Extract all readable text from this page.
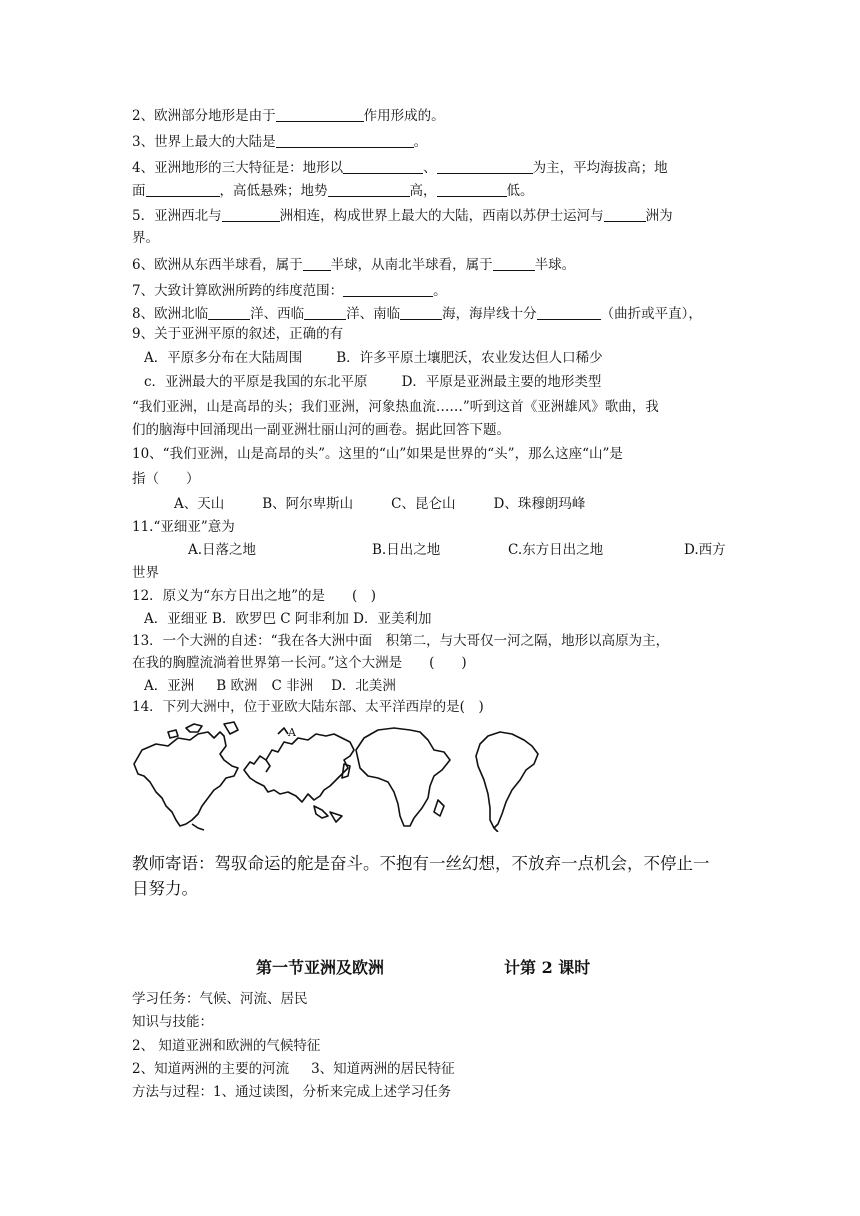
2、欧洲部分地形是由于	作用形成的。
3、世界上最大的大陆是	。
4、亚洲地形的三大特征是：地形以	、	为主，平均海拔高；地
面	，高低悬殊；地势	高，	低。
5．亚洲西北与	洲相连，构成世界上最大的大陆，西南以苏伊士运河与	洲为
界。
6、欧洲从东西半球看，属于 半球，从南北半球看，属于	半球。
7、大致计算欧洲所跨的纬度范围：	。
8、欧洲北临	洋、西临	洋、南临	海，海岸线十分	（曲折或平直），
9、关于亚洲平原的叙述，正确的有
A．平原多分布在大陆周围	B．许多平原土壤肥沃，农业发达但人口稀少
c．亚洲最大的平原是我国的东北平原	D．平原是亚洲最主要的地形类型
“我们亚洲，山是高昂的头；我们亚洲，河象热血流……”听到这首《亚洲雄风》歌曲，我
们的脑海中回涌现出一副亚洲壮丽山河的画卷。据此回答下题。
10、“我们亚洲，山是高昂的头”。这里的“山”如果是世界的“头”，那么这座“山”是
指（　　）
A、天山	B、阿尔卑斯山	C、昆仑山	D、珠穆朗玛峰
11.“亚细亚”意为
A.日落之地	B.日出之地	C.东方日出之地	D.西方
世界
12．原义为“东方日出之地”的是　　(　)
A．亚细亚 B．欧罗巴 C 阿非利加 D．亚美利加
13．一个大洲的自述：“我在各大洲中面　积第二，与大哥仅一河之隔，地形以高原为主，
在我的胸膛流淌着世界第一长河。”这个大洲是　　(　　)
A．亚洲 B 欧洲 C 非洲 D．北美洲
14．下列大洲中，位于亚欧大陆东部、太平洋西岸的是(　)
A
教师寄语：驾驭命运的舵是奋斗。不抱有一丝幻想，不放弃一点机会，不停止一
日努力。
第一节亚洲及欧洲	计第 2 课时
学习任务：气候、河流、居民
知识与技能：
2、 知道亚洲和欧洲的气候特征
2、知道两洲的主要的河流 3、知道两洲的居民特征
方法与过程：1、通过读图，分析来完成上述学习任务
